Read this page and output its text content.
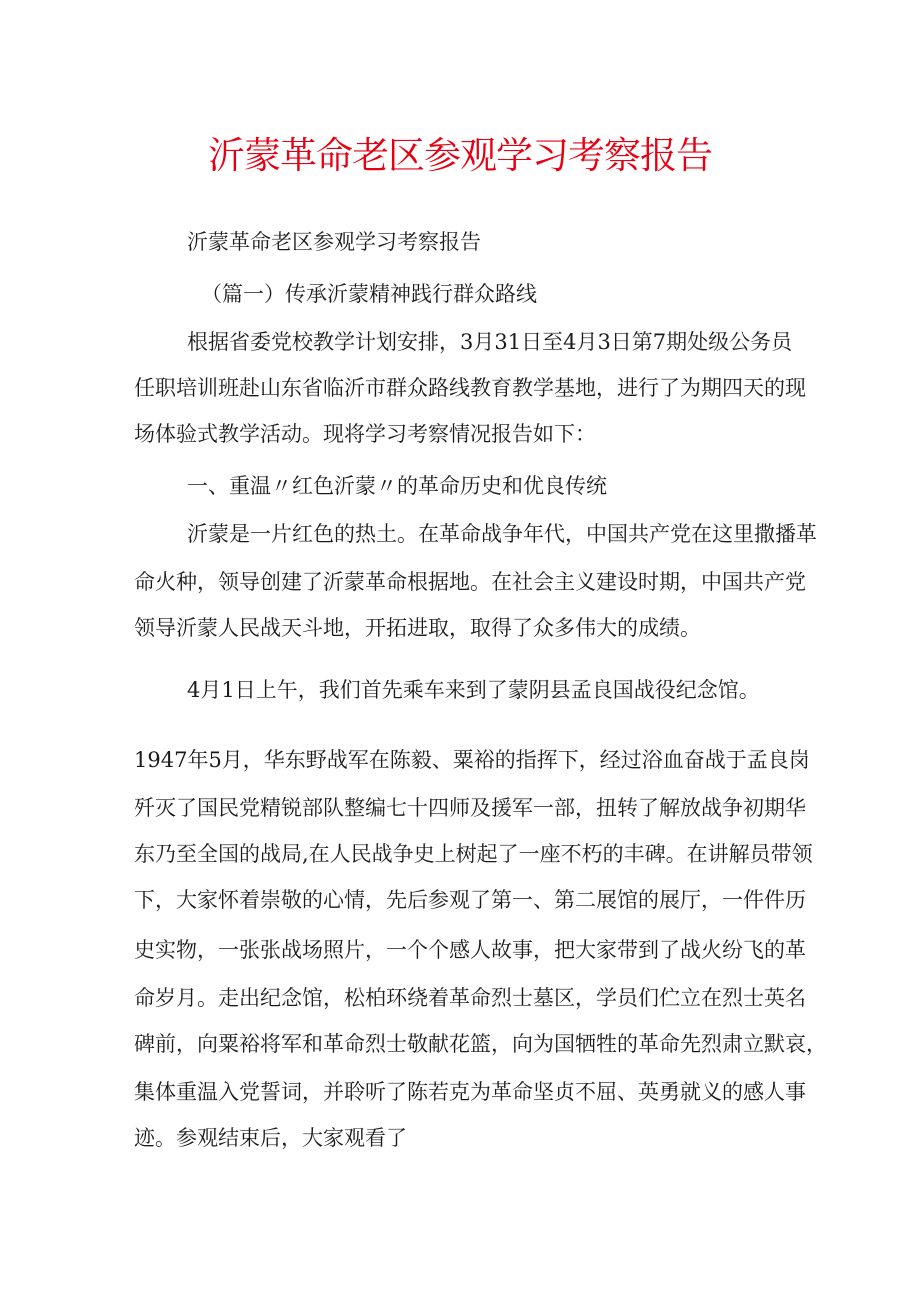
沂蒙革命老区参观学习考察报告
沂蒙革命老区参观学习考察报告
（篇一）传承沂蒙精神践行群众路线
根据省委党校教学计划安排，3月31日至4月3日第7期处级公务员
任职培训班赴山东省临沂市群众路线教育教学基地，进行了为期四天的现
场体验式教学活动。现将学习考察情况报告如下：
一、重温〃红色沂蒙〃的革命历史和优良传统
沂蒙是一片红色的热土。在革命战争年代，中国共产党在这里撒播革
命火种，领导创建了沂蒙革命根据地。在社会主义建设时期，中国共产党
领导沂蒙人民战天斗地，开拓进取，取得了众多伟大的成绩。
4月1日上午，我们首先乘车来到了蒙阴县孟良国战役纪念馆。
1947年5月，华东野战军在陈毅、粟裕的指挥下，经过浴血奋战于孟良岗
歼灭了国民党精锐部队整编七十四师及援军一部，扭转了解放战争初期华
东乃至全国的战局,在人民战争史上树起了一座不朽的丰碑。在讲解员带领
下，大家怀着崇敬的心情，先后参观了第一、第二展馆的展厅，一件件历
史实物，一张张战场照片，一个个感人故事，把大家带到了战火纷飞的革
命岁月。走出纪念馆，松柏环绕着革命烈士墓区，学员们伫立在烈士英名
碑前，向粟裕将军和革命烈士敬献花篮，向为国牺牲的革命先烈肃立默哀，
集体重温入党誓词，并聆听了陈若克为革命坚贞不屈、英勇就义的感人事
迹。参观结束后，大家观看了
